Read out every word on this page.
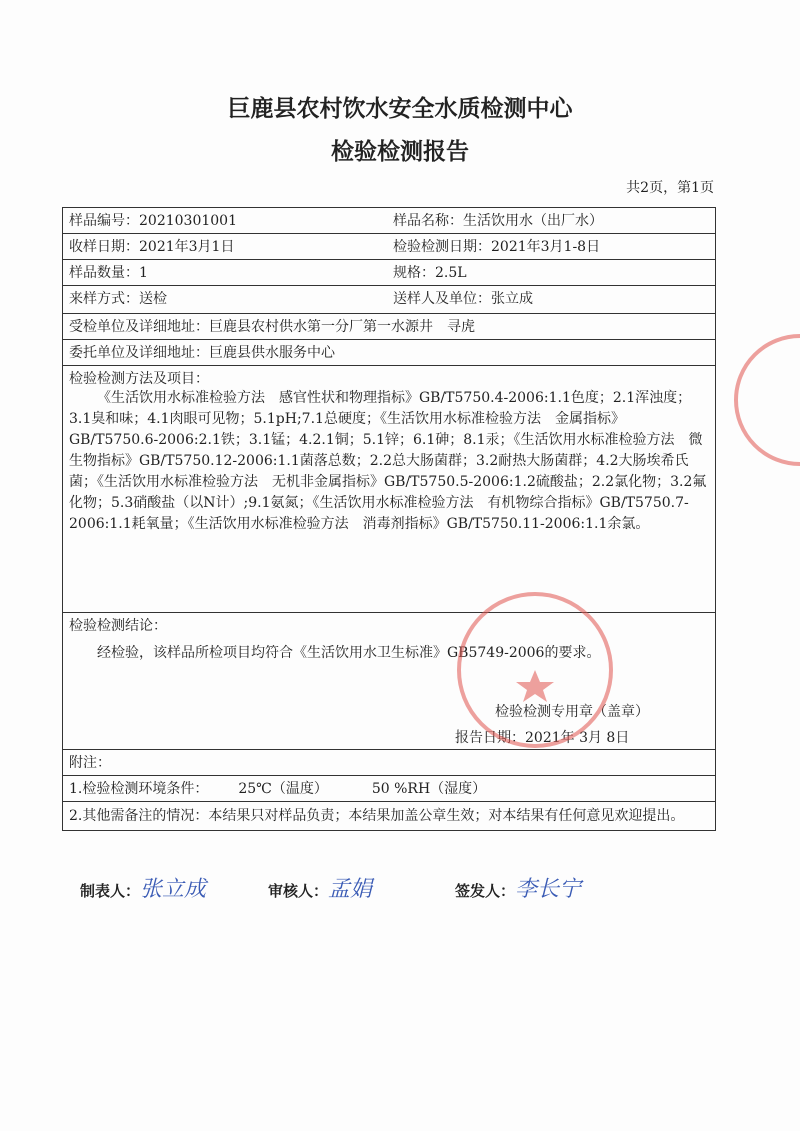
巨鹿县农村饮水安全水质检测中心
检验检测报告
共2页，第1页
样品编号：20210301001	样品名称：生活饮用水（出厂水）
收样日期：2021年3月1日	检验检测日期：2021年3月1-8日
样品数量：1	规格：2.5L
来样方式：送检	送样人及单位：张立成
受检单位及详细地址：巨鹿县农村供水第一分厂第一水源井　寻虎	
委托单位及详细地址：巨鹿县供水服务中心	

检验检测方法及项目：

《生活饮用水标准检验方法　感官性状和物理指标》GB/T5750.4-2006:1.1色度；2.1浑浊度；3.1臭和味；4.1肉眼可见物；5.1pH;7.1总硬度；《生活饮用水标准检验方法　金属指标》GB/T5750.6-2006:2.1铁；3.1锰；4.2.1铜；5.1锌；6.1砷；8.1汞；《生活饮用水标准检验方法　微生物指标》GB/T5750.12-2006:1.1菌落总数；2.2总大肠菌群；3.2耐热大肠菌群；4.2大肠埃希氏菌；《生活饮用水标准检验方法　无机非金属指标》GB/T5750.5-2006:1.2硫酸盐；2.2氯化物；3.2氟化物；5.3硝酸盐（以N计）;9.1氨氮；《生活饮用水标准检验方法　有机物综合指标》GB/T5750.7-2006:1.1耗氧量；《生活饮用水标准检验方法　消毒剂指标》GB/T5750.11-2006:1.1余氯。	

检验检测结论：

经检验，该样品所检项目均符合《生活饮用水卫生标准》GB5749-2006的要求。

检验检测专用章（盖章）
报告日期：2021年 3月 8日	

附注：	
1.检验检测环境条件： 25℃（温度） 50 %RH（湿度）	
2.其他需备注的情况：本结果只对样品负责；本结果加盖公章生效；对本结果有任何意见欢迎提出。	
制表人：张立成	审核人：孟娟	签发人：李长宁
